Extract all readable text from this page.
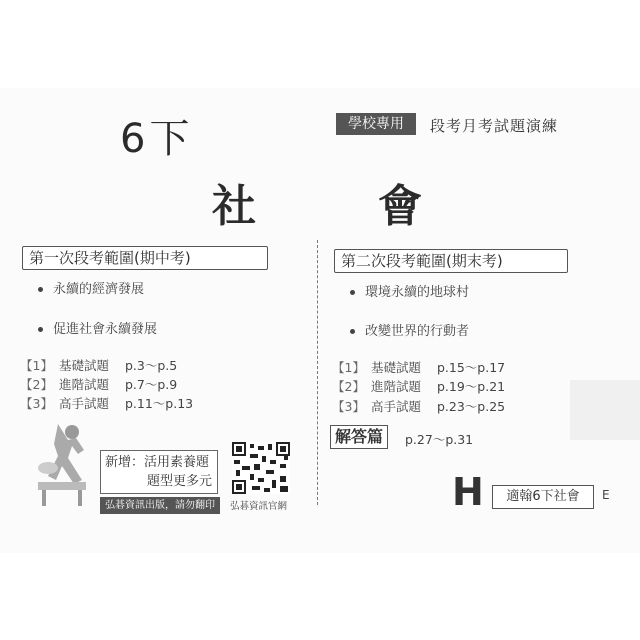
6下
社	會
學校專用	段考月考試題演練
第一次段考範圍(期中考)
永續的經濟發展
促進社會永續發展
【1】 基礎試題 p.3～p.5
【2】 進階試題 p.7～p.9
【3】 高手試題 p.11～p.13
第二次段考範圍(期末考)
環境永續的地球村
改變世界的行動者
【1】 基礎試題 p.15～p.17
【2】 進階試題 p.19～p.21
【3】 高手試題 p.23～p.25
解答篇	p.27～p.31
新增：活用素養題
題型更多元
弘碁資訊出版，請勿翻印	弘碁資訊官網	H	適翰6下社會	E
